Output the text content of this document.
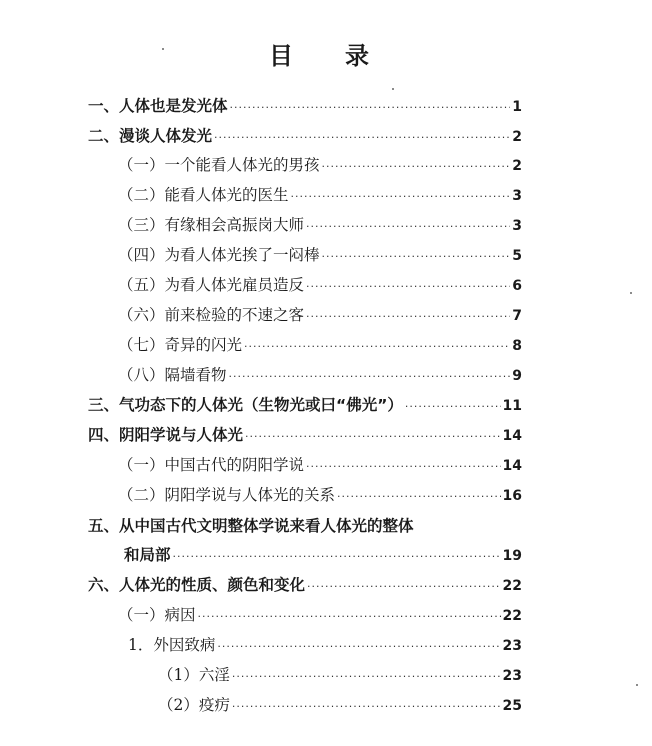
目　录
一、人体也是发光体 ·····	1
二、漫谈人体发光 ·····	2
（一）一个能看人体光的男孩 ·····	2
（二）能看人体光的医生 ·····	3
（三）有缘相会高振岗大师 ·····	3
（四）为看人体光挨了一闷棒 ·····	5
（五）为看人体光雇员造反 ·····	6
（六）前来检验的不速之客 ·····	7
（七）奇异的闪光 ·····	8
（八）隔墙看物 ·····	9
三、气功态下的人体光（生物光或曰“佛光”） ·····	11
四、阴阳学说与人体光 ·····	14
（一）中国古代的阴阳学说 ·····	14
（二）阴阳学说与人体光的关系 ·····	16
五、从中国古代文明整体学说来看人体光的整体
和局部 ·····	19
六、人体光的性质、颜色和变化 ·····	22
（一）病因 ·····	22
1．外因致病 ·····	23
（1）六淫 ·····	23
（2）疫疠 ·····	25
